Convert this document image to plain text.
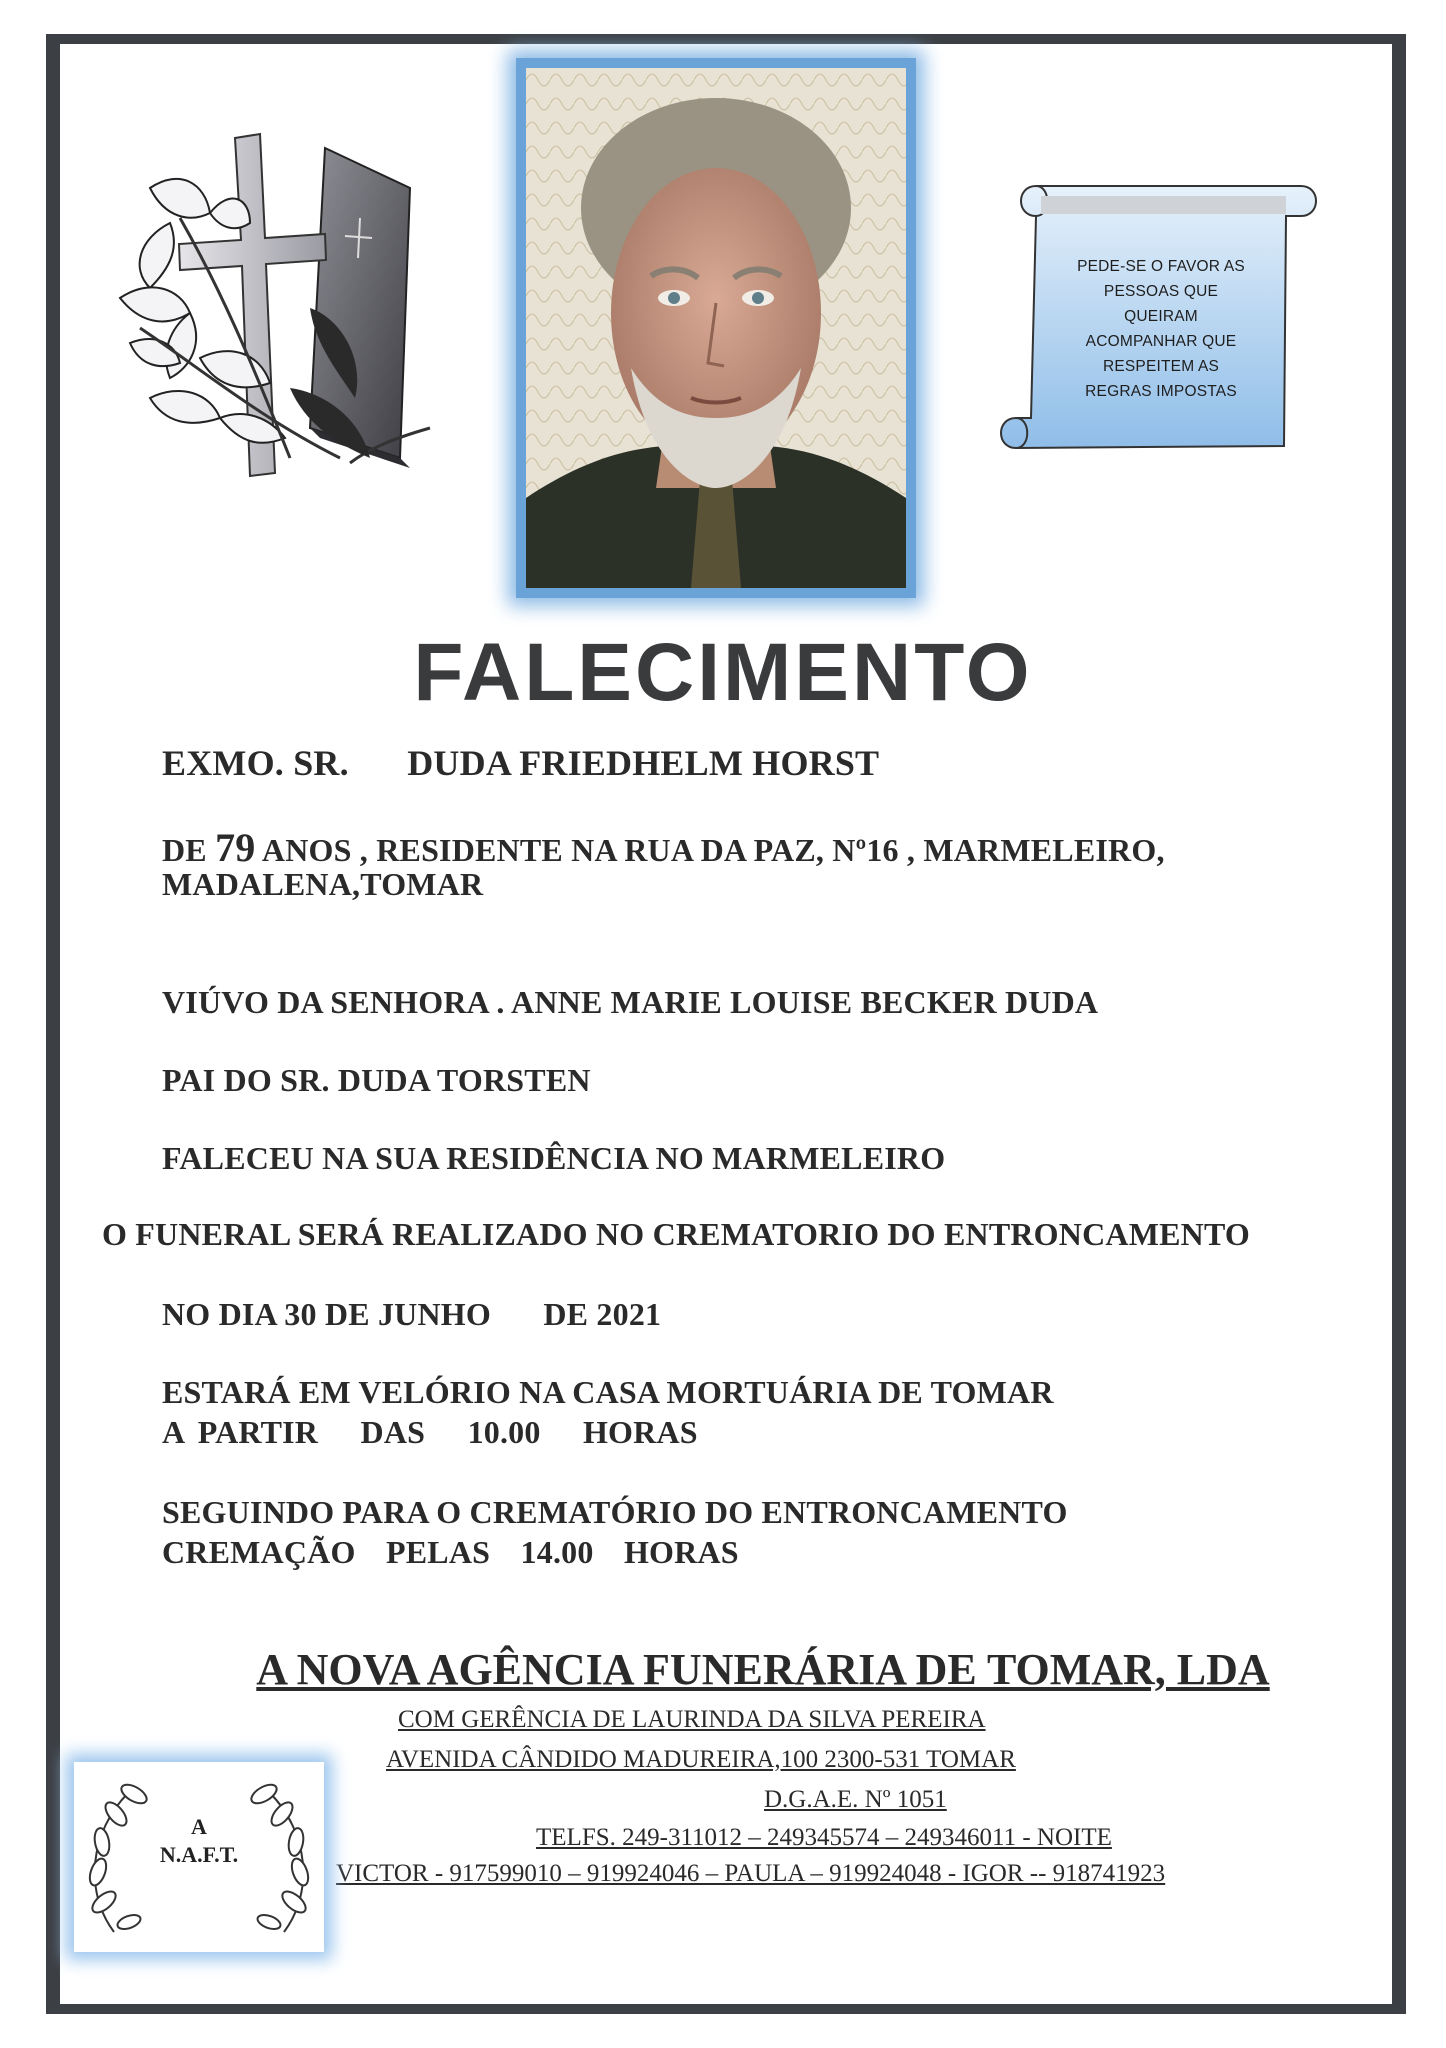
PEDE-SE O FAVOR AS
PESSOAS QUE
QUEIRAM
ACOMPANHAR QUE
RESPEITEM AS
REGRAS IMPOSTAS
FALECIMENTO
EXMO. SR. DUDA FRIEDHELM HORST
DE 79 ANOS , RESIDENTE NA RUA DA PAZ, Nº16 , MARMELEIRO,
MADALENA,TOMAR
VIÚVO DA SENHORA . ANNE MARIE LOUISE BECKER DUDA
PAI DO SR. DUDA TORSTEN
FALECEU NA SUA RESIDÊNCIA NO MARMELEIRO
O FUNERAL SERÁ REALIZADO NO CREMATORIO DO ENTRONCAMENTO
NO DIA 30 DE JUNHO DE 2021
ESTARÁ EM VELÓRIO NA CASA MORTUÁRIA DE TOMAR
A PARTIR DAS 10.00 HORAS
SEGUINDO PARA O CREMATÓRIO DO ENTRONCAMENTO
CREMAÇÃO PELAS 14.00 HORAS
A NOVA AGÊNCIA FUNERÁRIA DE TOMAR, LDA
COM GERÊNCIA DE LAURINDA DA SILVA PEREIRA
AVENIDA CÂNDIDO MADUREIRA,100 2300-531 TOMAR
D.G.A.E. Nº 1051
TELFS. 249-311012 – 249345574 – 249346011 - NOITE
VICTOR - 917599010 – 919924046 – PAULA – 919924048 - IGOR -- 918741923
A
N.A.F.T.
